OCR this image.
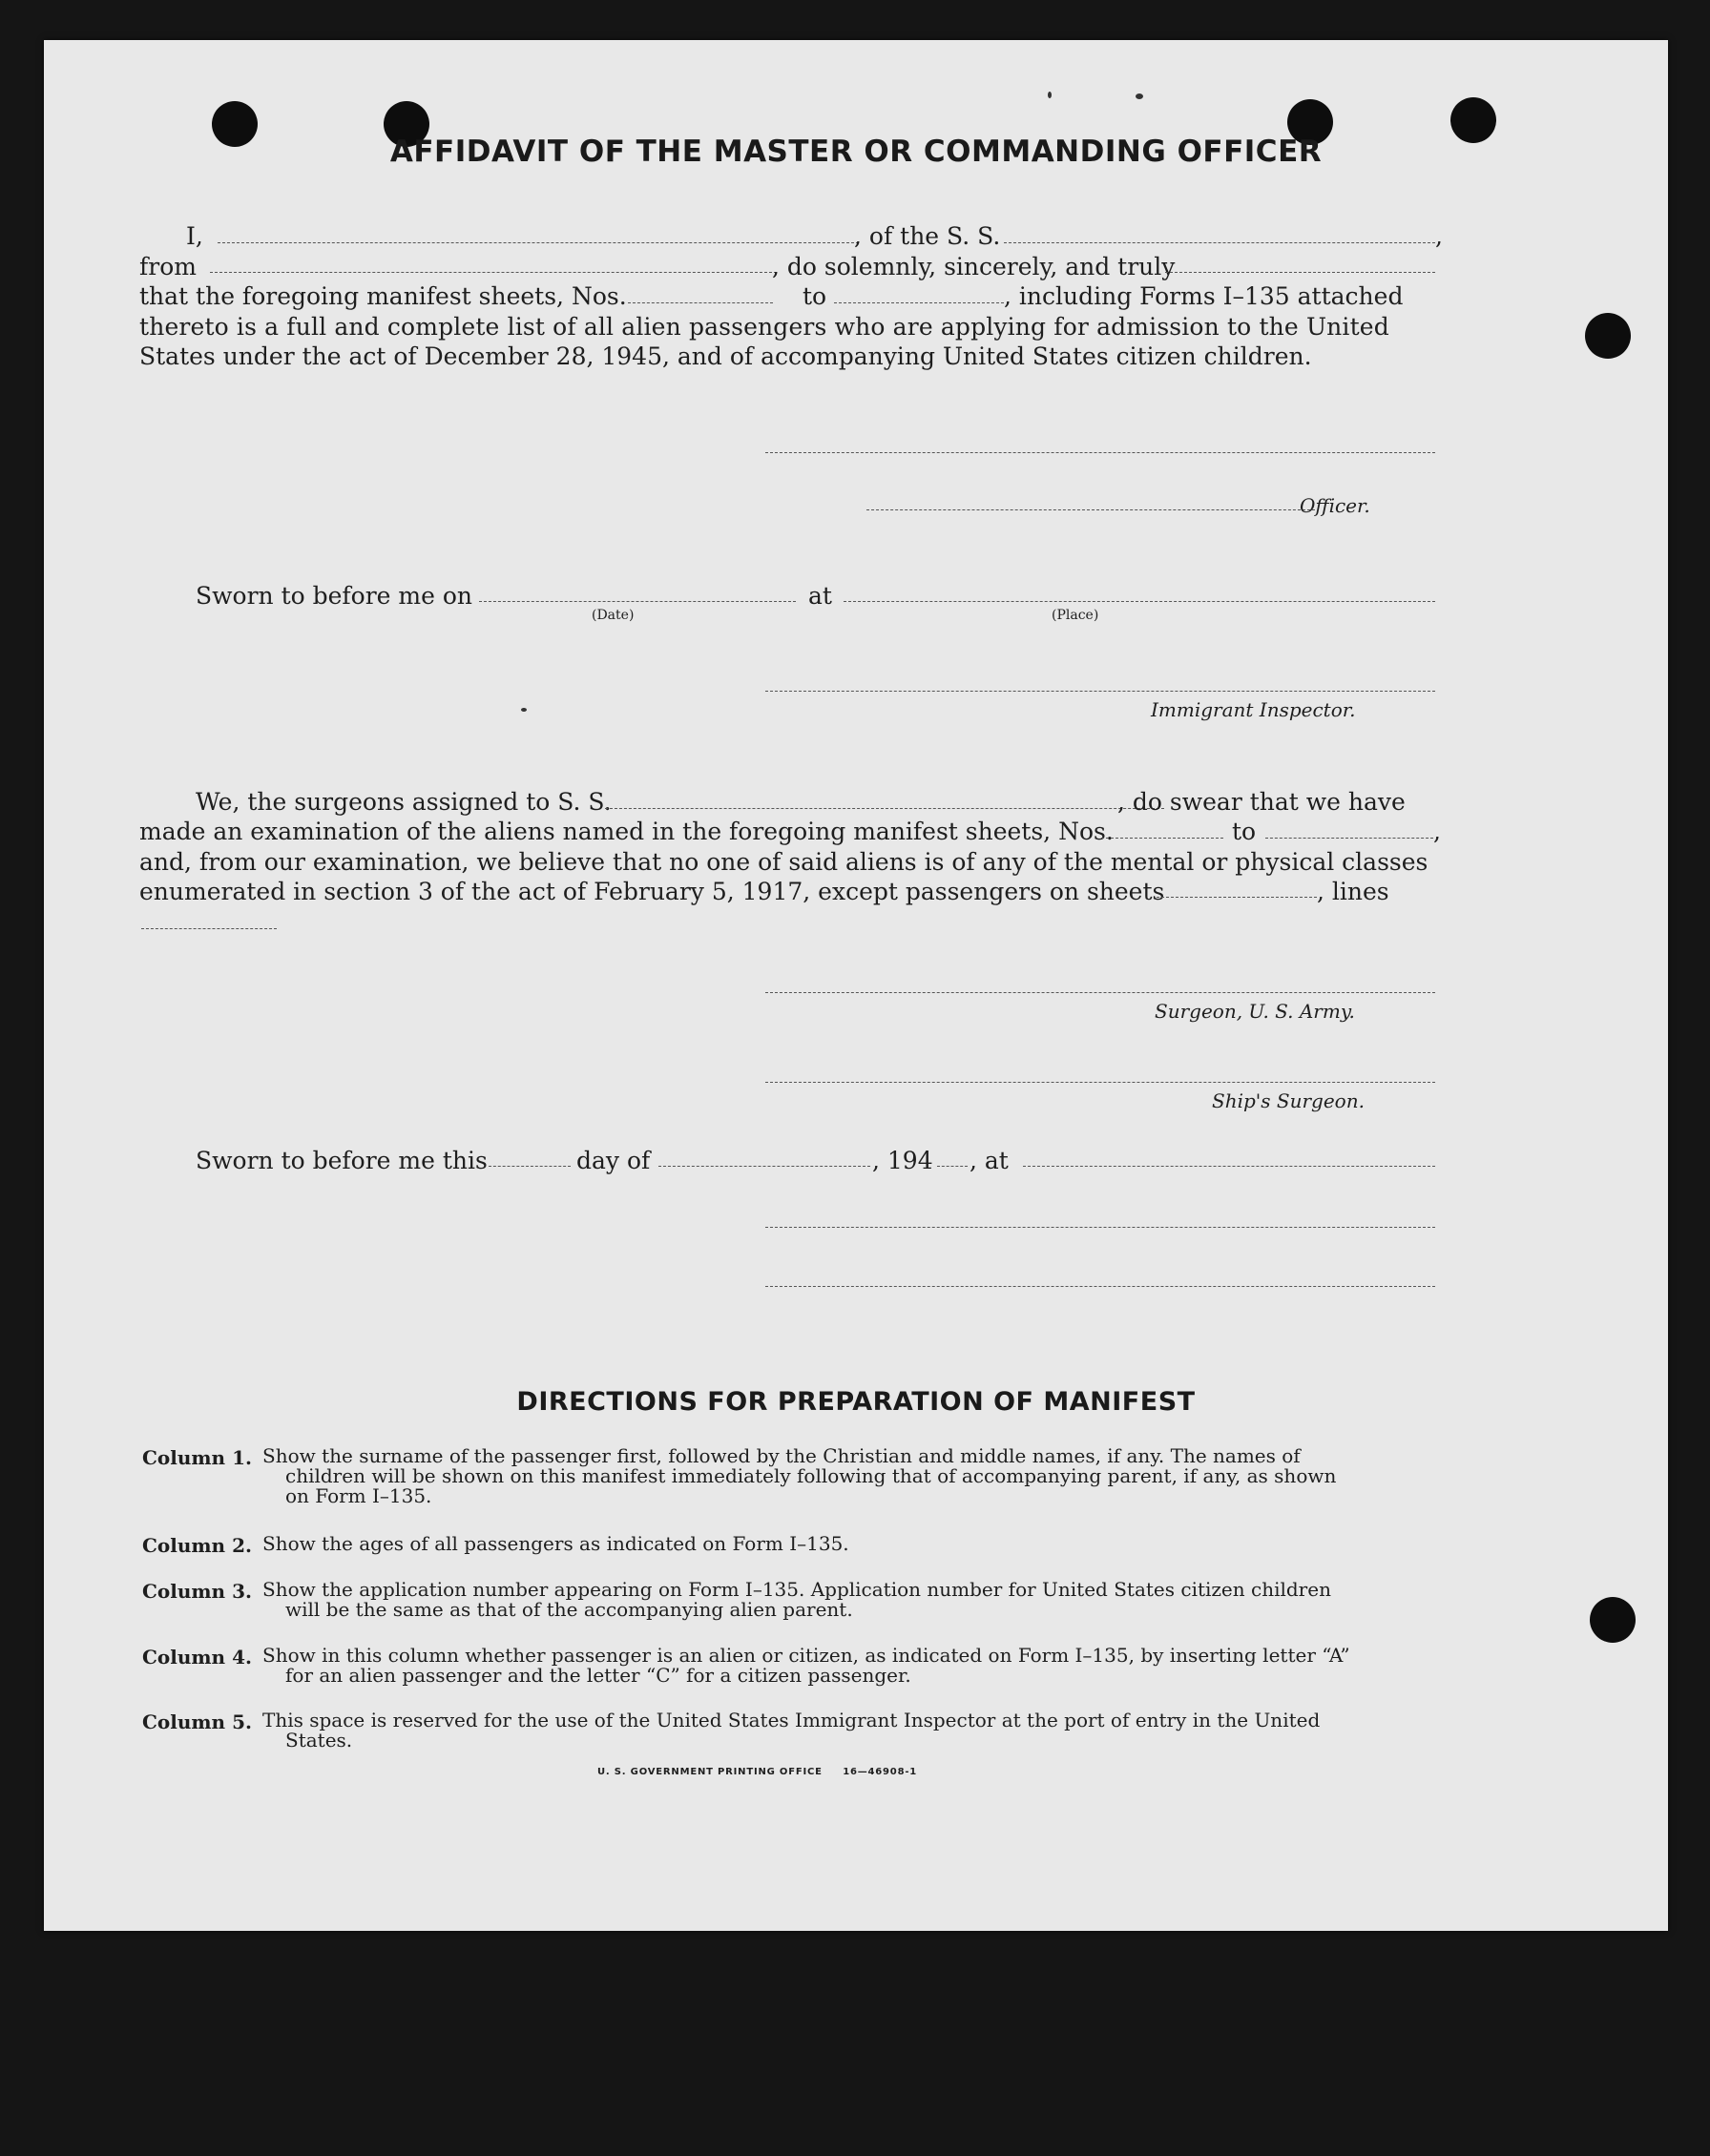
AFFIDAVIT OF THE MASTER OR COMMANDING OFFICER
I,	, of the S. S.	,
from	, do solemnly, sincerely, and truly
that the foregoing manifest sheets, Nos.	to	, including Forms I–135 attached
thereto is a full and complete list of all alien passengers who are applying for admission to the United
States under the act of December 28, 1945, and of accompanying United States citizen children.
Officer.
Sworn to before me on	at
(Date)	(Place)
Immigrant Inspector.
We, the surgeons assigned to S. S.	, do swear that we have
made an examination of the aliens named in the foregoing manifest sheets, Nos.	to	,
and, from our examination, we believe that no one of said aliens is of any of the mental or physical classes
enumerated in section 3 of the act of February 5, 1917, except passengers on sheets	, lines
Surgeon, U. S. Army.
Ship's Surgeon.
Sworn to before me this	day of	, 194 , at
DIRECTIONS FOR PREPARATION OF MANIFEST
Column 1. Show the surname of the passenger first, followed by the Christian and middle names, if any. The names of
children will be shown on this manifest immediately following that of accompanying parent, if any, as shown
on Form I–135.
Column 2. Show the ages of all passengers as indicated on Form I–135.
Column 3. Show the application number appearing on Form I–135. Application number for United States citizen children
will be the same as that of the accompanying alien parent.
Column 4. Show in this column whether passenger is an alien or citizen, as indicated on Form I–135, by inserting letter “A”
for an alien passenger and the letter “C” for a citizen passenger.
Column 5. This space is reserved for the use of the United States Immigrant Inspector at the port of entry in the United
States.
U. S. GOVERNMENT PRINTING OFFICE 16—46908-1
